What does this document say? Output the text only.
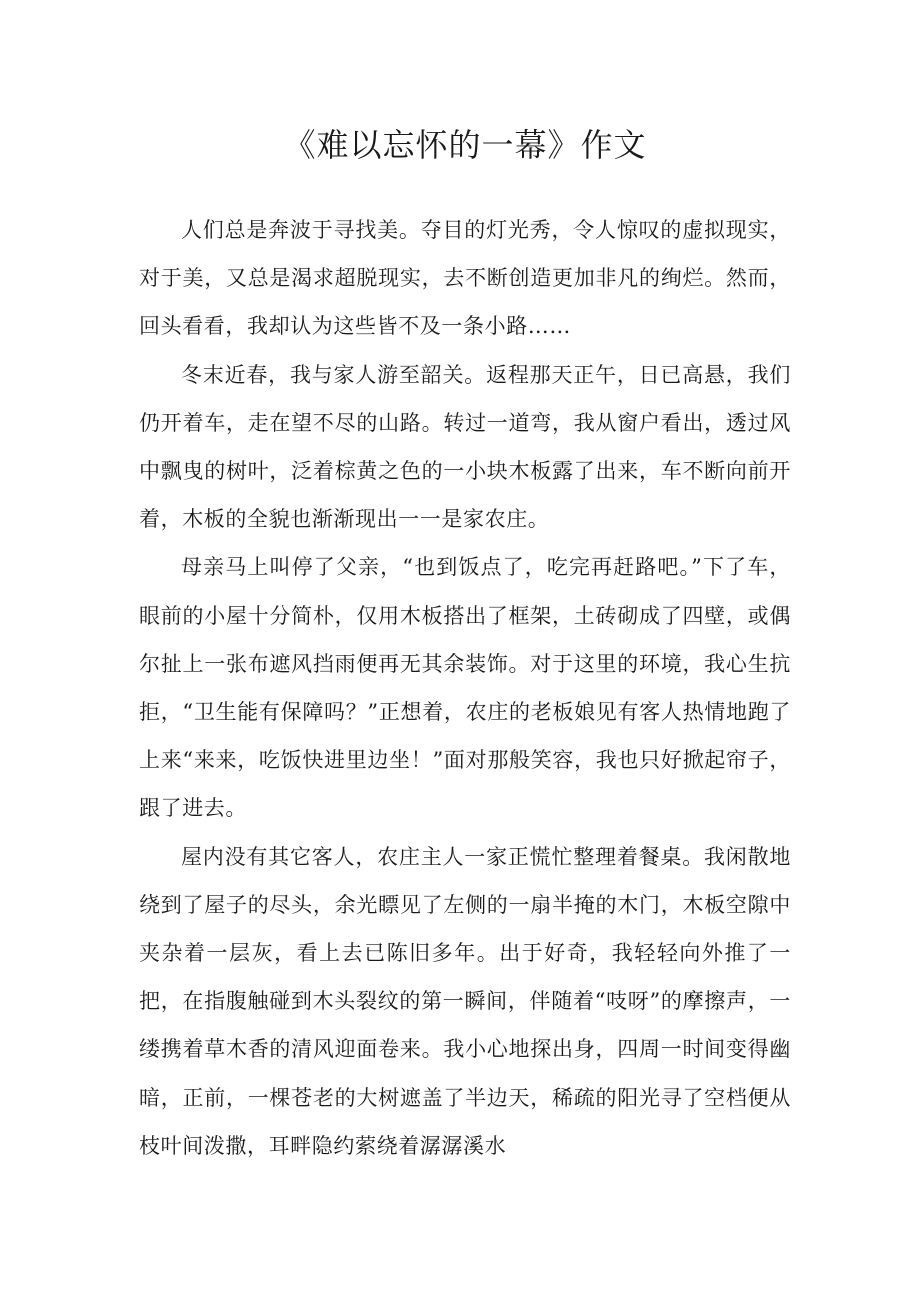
《难以忘怀的一幕》作文

人们总是奔波于寻找美。夺目的灯光秀，令人惊叹的虚拟现实，对于美，又总是渴求超脱现实，去不断创造更加非凡的绚烂。然而，回头看看，我却认为这些皆不及一条小路……

冬末近春，我与家人游至韶关。返程那天正午，日已高悬，我们仍开着车，走在望不尽的山路。转过一道弯，我从窗户看出，透过风中飘曳的树叶，泛着棕黄之色的一小块木板露了出来，车不断向前开着，木板的全貌也渐渐现出一一是家农庄。

母亲马上叫停了父亲，“也到饭点了，吃完再赶路吧。”下了车，眼前的小屋十分简朴，仅用木板搭出了框架，土砖砌成了四壁，或偶尔扯上一张布遮风挡雨便再无其余装饰。对于这里的环境，我心生抗拒，“卫生能有保障吗？”正想着，农庄的老板娘见有客人热情地跑了上来“来来，吃饭快进里边坐！”面对那般笑容，我也只好掀起帘子，跟了进去。

屋内没有其它客人，农庄主人一家正慌忙整理着餐桌。我闲散地绕到了屋子的尽头，余光瞟见了左侧的一扇半掩的木门，木板空隙中夹杂着一层灰，看上去已陈旧多年。出于好奇，我轻轻向外推了一把，在指腹触碰到木头裂纹的第一瞬间，伴随着“吱呀”的摩擦声，一缕携着草木香的清风迎面卷来。我小心地探出身，四周一时间变得幽暗，正前，一棵苍老的大树遮盖了半边天，稀疏的阳光寻了空档便从枝叶间泼撒，耳畔隐约萦绕着潺潺溪水
